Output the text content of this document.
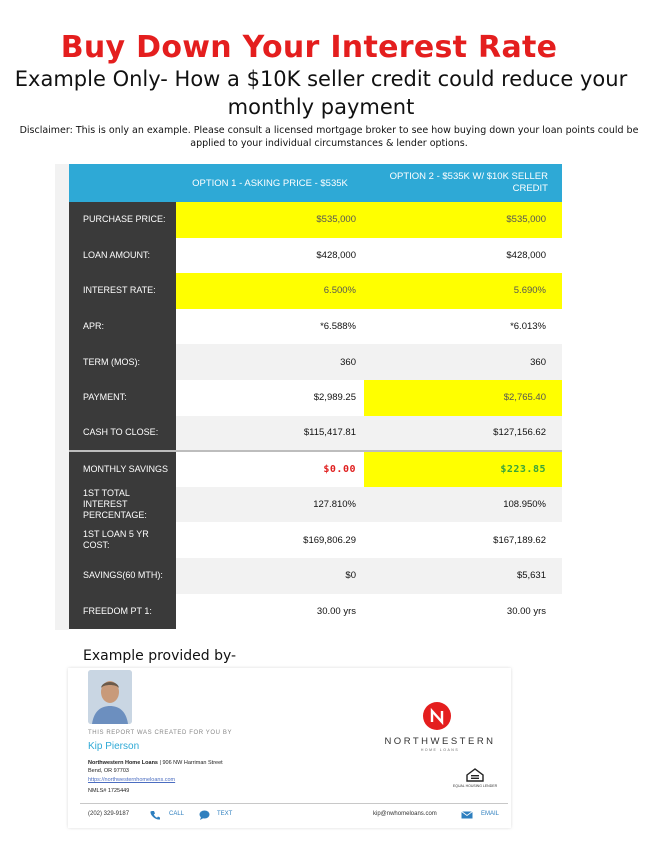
Buy Down Your Interest Rate
Example Only- How a $10K seller credit could reduce your monthly payment
Disclaimer: This is only an example. Please consult a licensed mortgage broker to see how buying down your loan points could be applied to your individual circumstances & lender options.
	OPTION 1 - ASKING PRICE - $535K	OPTION 2 - $535K W/ $10K SELLER CREDIT
PURCHASE PRICE:	$535,000	$535,000
LOAN AMOUNT:	$428,000	$428,000
INTEREST RATE:	6.500%	5.690%
APR:	*6.588%	*6.013%
TERM (MOS):	360	360
PAYMENT:	$2,989.25	$2,765.40
CASH TO CLOSE:	$115,417.81	$127,156.62
MONTHLY SAVINGS	$0.00	$223.85
1ST TOTAL INTEREST PERCENTAGE:	127.810%	108.950%
1ST LOAN 5 YR COST:	$169,806.29	$167,189.62
SAVINGS(60 MTH):	$0	$5,631
FREEDOM PT 1:	30.00 yrs	30.00 yrs
Example provided by-
THIS REPORT WAS CREATED FOR YOU BY
Kip Pierson
Northwestern Home Loans | 906 NW Harriman Street
Bend, OR 97703
https://northwesternhomeloans.com
NMLS# 1725449
NORTHWESTERN
HOME LOANS
EQUAL HOUSING LENDER
(202) 329-9187	CALL	TEXT	kip@nwhomeloans.com	EMAIL
